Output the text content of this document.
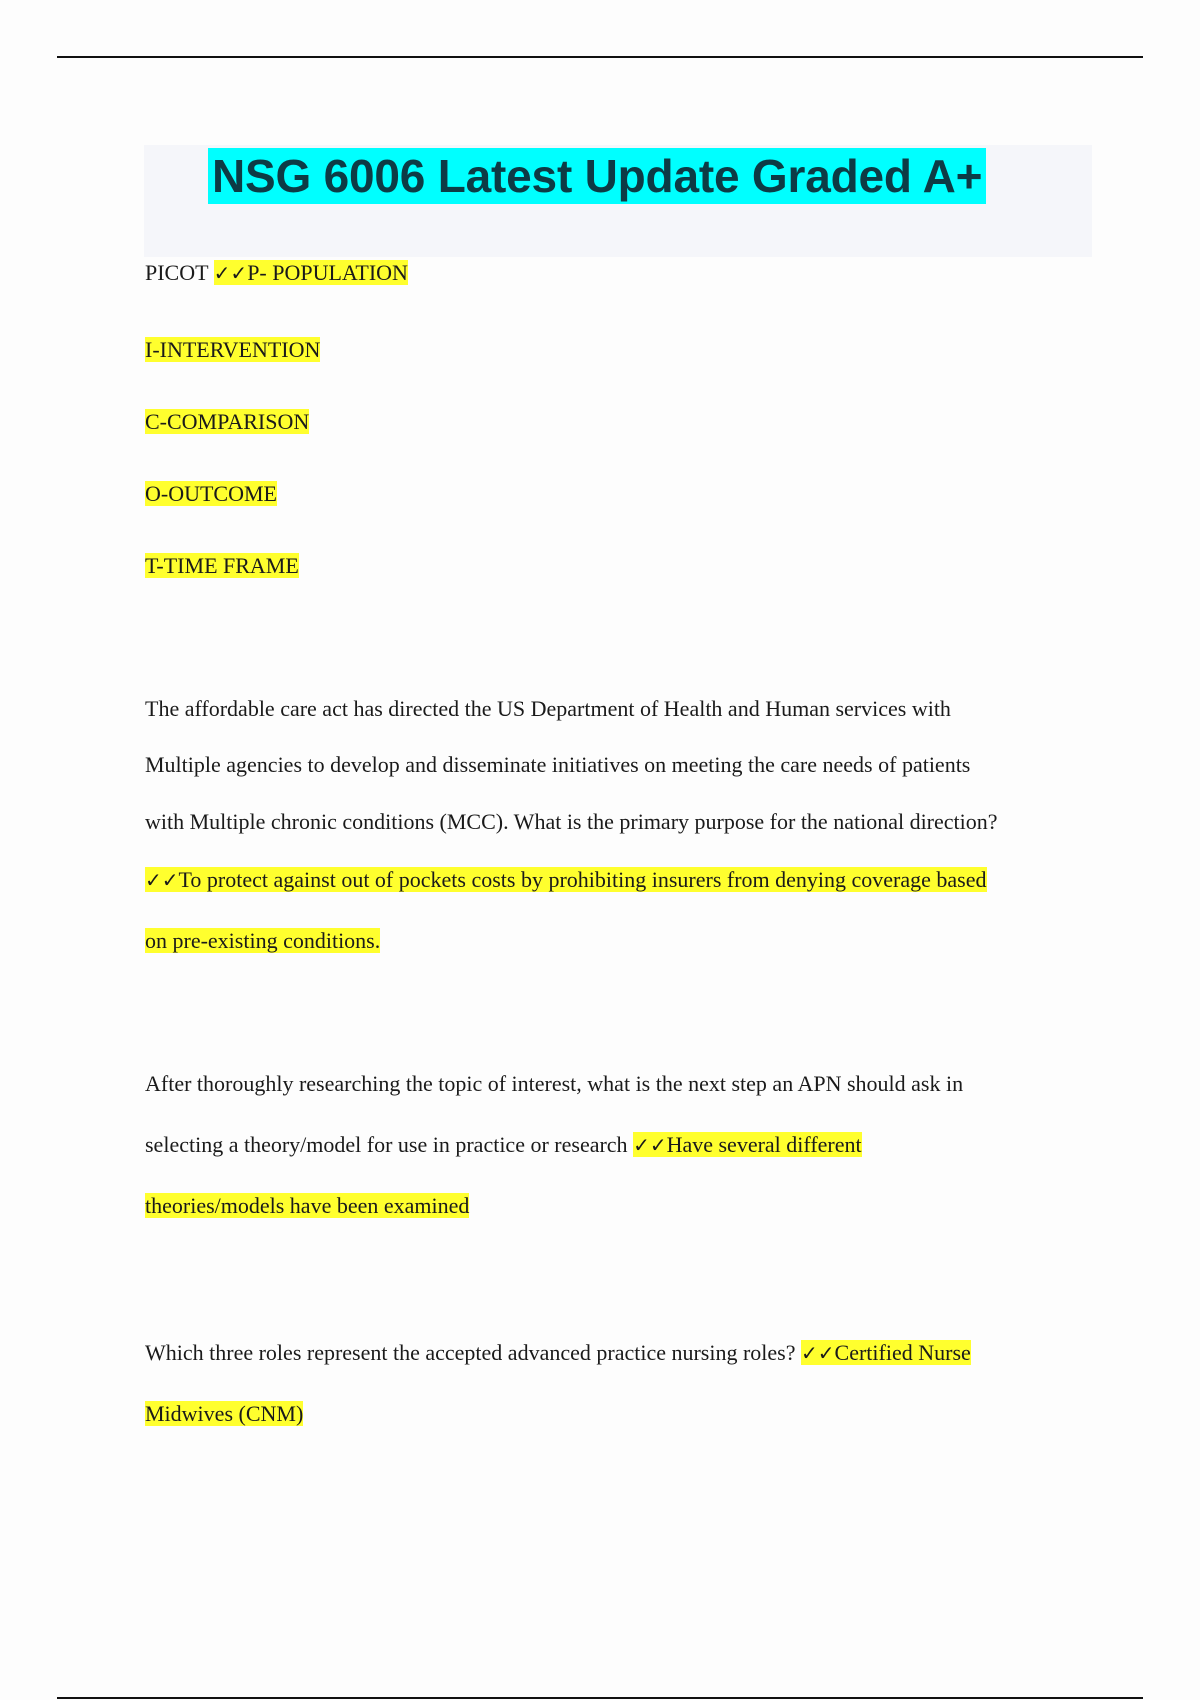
NSG 6006 Latest Update Graded A+
PICOT ✓✓P- POPULATION
I-INTERVENTION
C-COMPARISON
O-OUTCOME
T-TIME FRAME
The affordable care act has directed the US Department of Health and Human services with
Multiple agencies to develop and disseminate initiatives on meeting the care needs of patients
with Multiple chronic conditions (MCC). What is the primary purpose for the national direction?
✓✓To protect against out of pockets costs by prohibiting insurers from denying coverage based
on pre-existing conditions.
After thoroughly researching the topic of interest, what is the next step an APN should ask in
selecting a theory/model for use in practice or research ✓✓Have several different
theories/models have been examined
Which three roles represent the accepted advanced practice nursing roles? ✓✓Certified Nurse
Midwives (CNM)
